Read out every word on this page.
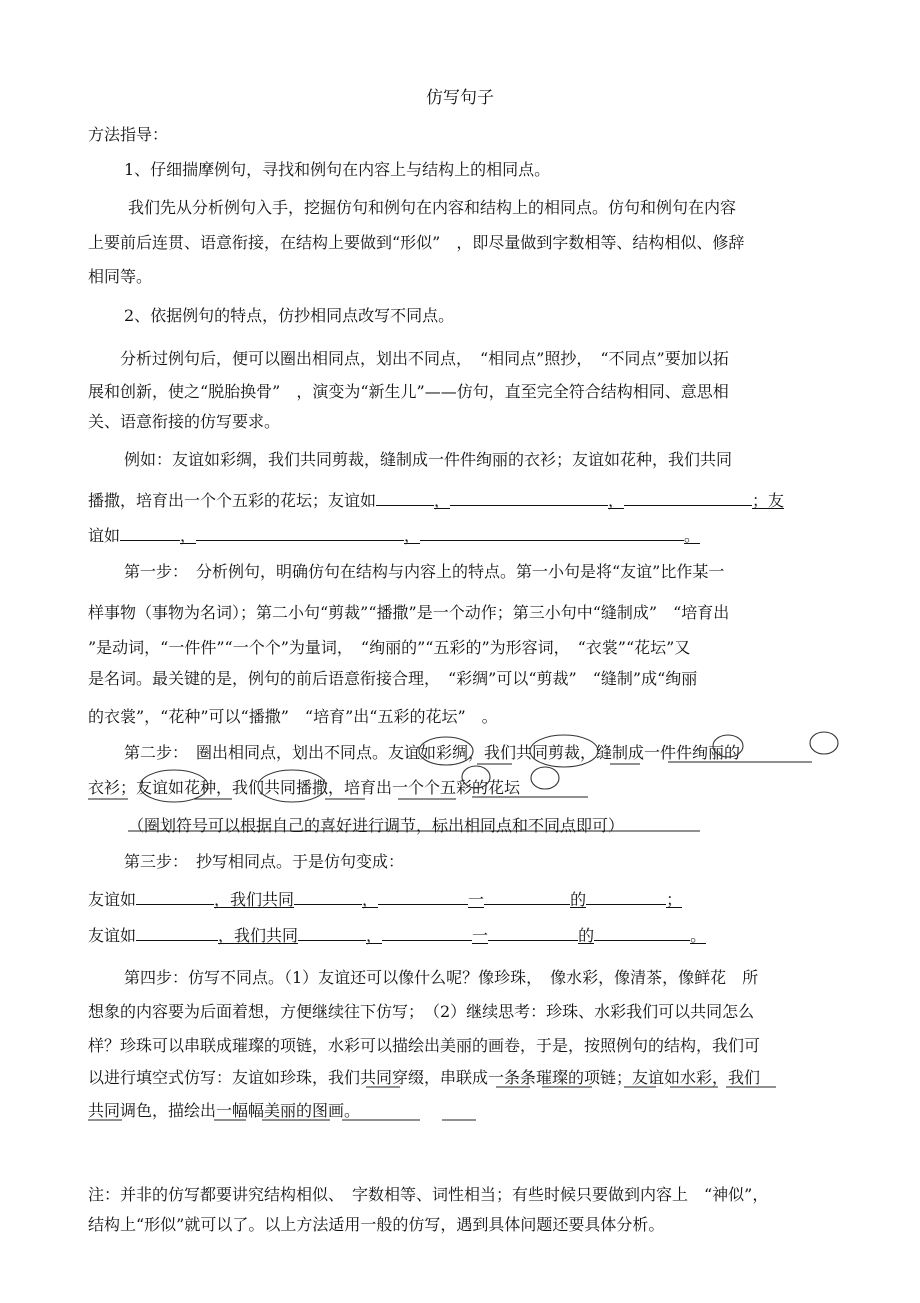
仿写句子
方法指导：
1、仔细揣摩例句，寻找和例句在内容上与结构上的相同点。
我们先从分析例句入手，挖掘仿句和例句在内容和结构上的相同点。仿句和例句在内容
上要前后连贯、语意衔接，在结构上要做到“形似”　，即尽量做到字数相等、结构相似、修辞
相同等。
2、依据例句的特点，仿抄相同点改写不同点。
分析过例句后，便可以圈出相同点，划出不同点，　“相同点”照抄，　“不同点”要加以拓
展和创新，使之“脱胎换骨”　，演变为“新生儿”——仿句，直至完全符合结构相同、意思相
关、语意衔接的仿写要求。
例如：友谊如彩绸，我们共同剪裁，缝制成一件件绚丽的衣衫；友谊如花种，我们共同
播撒，培育出一个个五彩的花坛；友谊如	，	，	；友
谊如	，	，	。
第一步：　分析例句，明确仿句在结构与内容上的特点。第一小句是将“友谊”比作某一
样事物（事物为名词）；第二小句“剪裁”“播撒”是一个动作；第三小句中“缝制成”　“培育出
”是动词，“一件件”“一个个”为量词，　“绚丽的”“五彩的”为形容词，　“衣裳”“花坛”又
是名词。最关键的是，例句的前后语意衔接合理，　“彩绸”可以“剪裁”　“缝制”成“绚丽
的衣裳”，“花种”可以“播撒”　“培育”出“五彩的花坛”　。
第二步：　圈出相同点，划出不同点。友谊如彩绸，我们共同剪裁，缝制成一件件绚丽的
衣衫；友谊如花种，我们共同播撒，培育出一个个五彩的花坛
（圈划符号可以根据自己的喜好进行调节，标出相同点和不同点即可）
第三步：　抄写相同点。于是仿句变成：
友谊如	，我们共同	，	一	的	；
友谊如	，我们共同	，	一	的	。
第四步：仿写不同点。（1）友谊还可以像什么呢？像珍珠，　像水彩，像清茶，像鲜花　所
想象的内容要为后面着想，方便继续往下仿写；　（2）继续思考：珍珠、水彩我们可以共同怎么
样？珍珠可以串联成璀璨的项链，水彩可以描绘出美丽的画卷，于是，按照例句的结构，我们可
以进行填空式仿写：友谊如珍珠，我们共同穿缀，串联成一条条璀璨的项链；友谊如水彩，我们
共同调色，描绘出一幅幅美丽的图画。
注：并非的仿写都要讲究结构相似、　字数相等、词性相当；有些时候只要做到内容上　“神似”，
结构上“形似”就可以了。以上方法适用一般的仿写，遇到具体问题还要具体分析。
